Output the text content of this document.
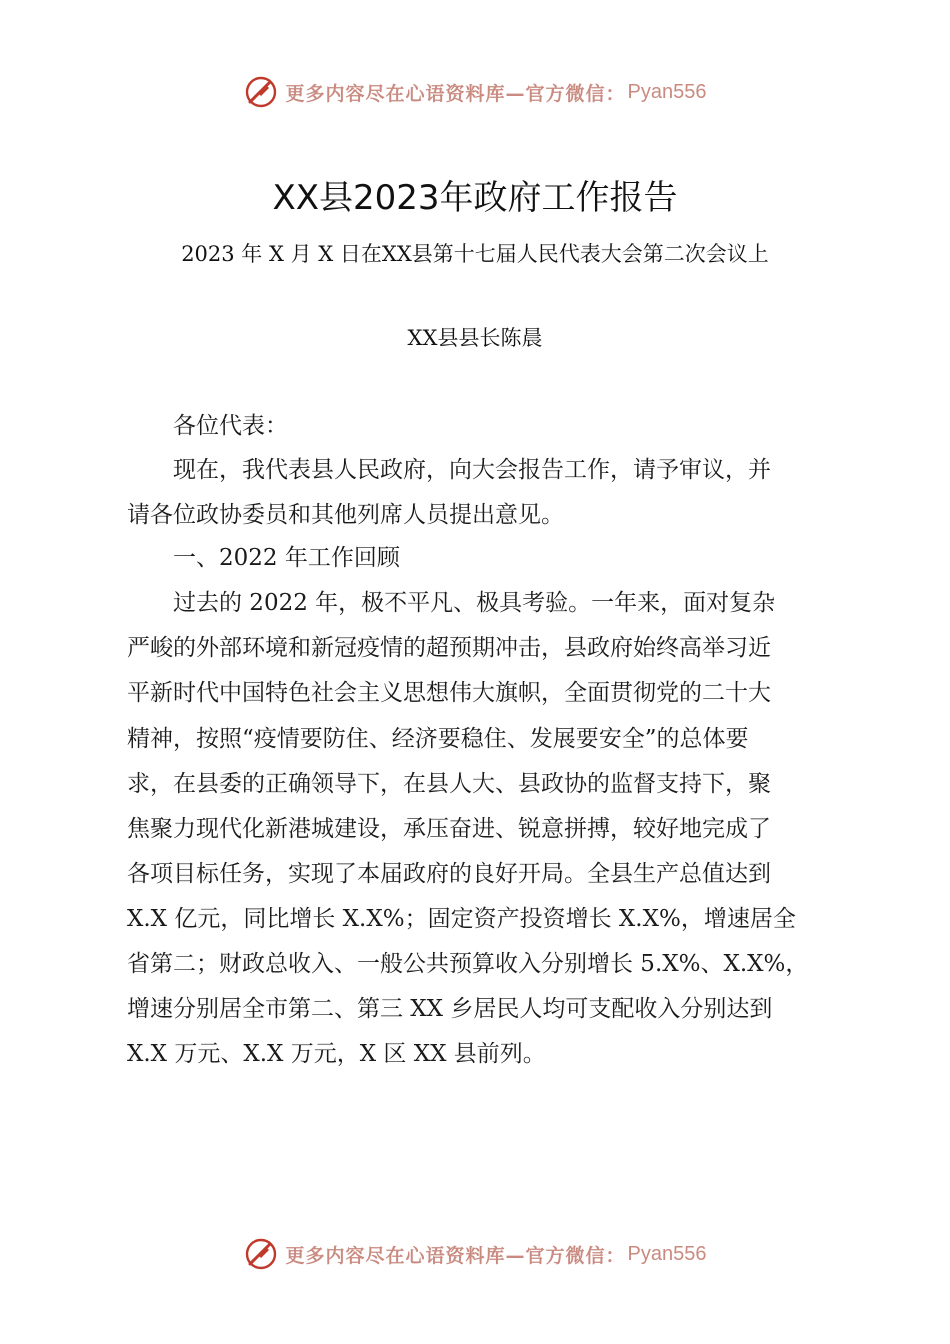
更多内容尽在心语资料库—官方微信： Pyan556
XX县2023年政府工作报告
2023 年 X 月 X 日在XX县第十七届人民代表大会第二次会议上
XX县县长陈晨

各位代表：

现在，我代表县人民政府，向大会报告工作，请予审议，并
请各位政协委员和其他列席人员提出意见。

一、2022 年工作回顾

过去的 2022 年，极不平凡、极具考验。一年来，面对复杂
严峻的外部环境和新冠疫情的超预期冲击，县政府始终高举习近
平新时代中国特色社会主义思想伟大旗帜，全面贯彻党的二十大

精神，按照“疫情要防住、经济要稳住、发展要安全”的总体要
求，在县委的正确领导下，在县人大、县政协的监督支持下，聚
焦聚力现代化新港城建设，承压奋进、锐意拼搏，较好地完成了
各项目标任务，实现了本届政府的良好开局。全县生产总值达到
X.X 亿元，同比增长 X.X%；固定资产投资增长 X.X%，增速居全
省第二；财政总收入、一般公共预算收入分别增长 5.X%、X.X%，
增速分别居全市第二、第三 XX 乡居民人均可支配收入分别达到
X.X 万元、X.X 万元，X 区 XX 县前列。

更多内容尽在心语资料库—官方微信： Pyan556
